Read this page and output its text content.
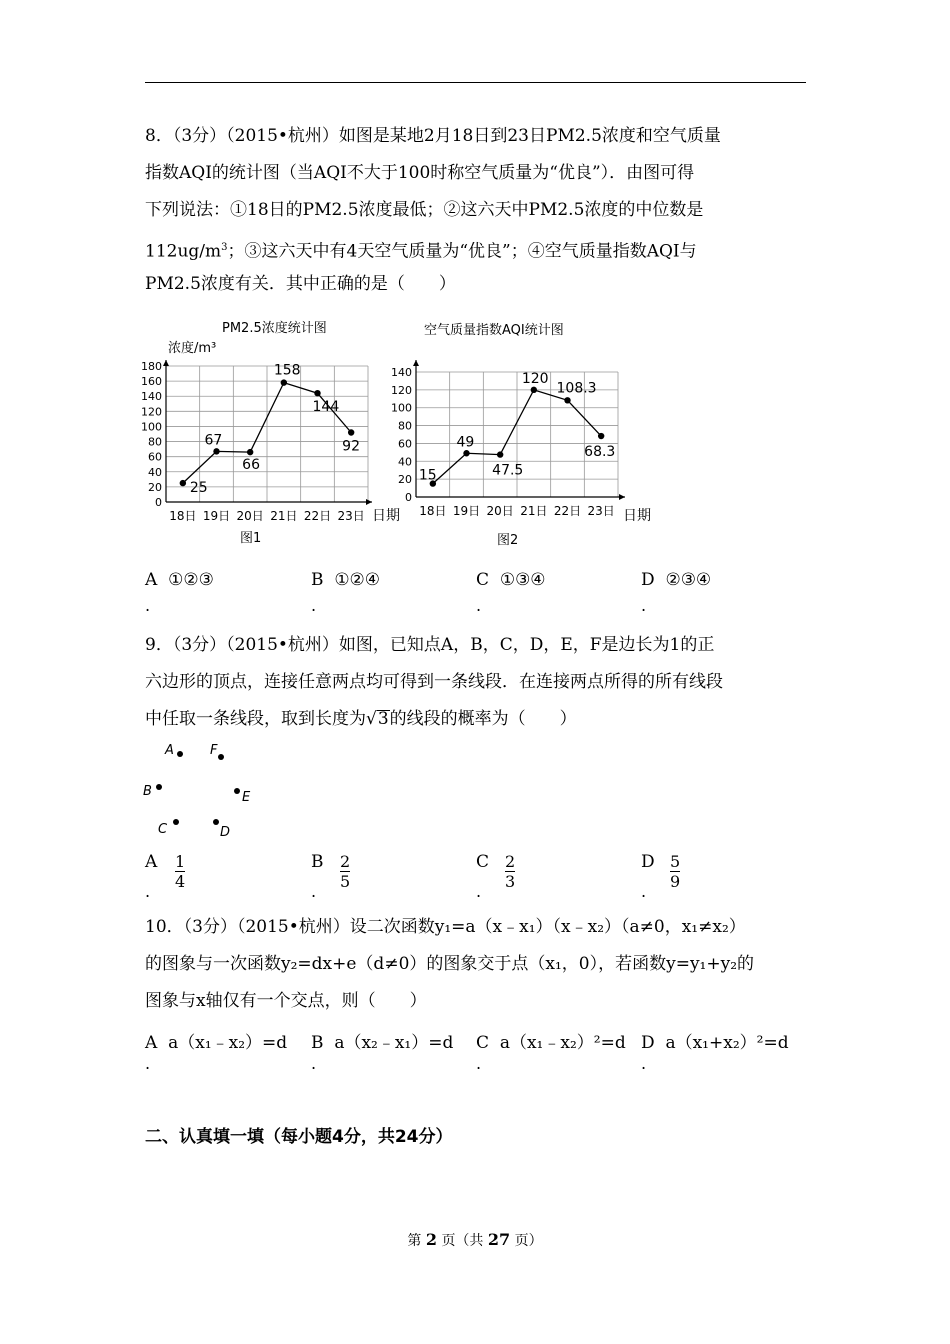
8．（3分）（2015•杭州）如图是某地2月18日到23日PM2.5浓度和空气质量
指数AQI的统计图（当AQI不大于100时称空气质量为“优良”）．由图可得
下列说法：①18日的PM2.5浓度最低；②这六天中PM2.5浓度的中位数是
$112ug/m^3$；③这六天中有4天空气质量为“优良”；④空气质量指数AQI与
PM2.5浓度有关．其中正确的是（　　）
PM2.5浓度统计图
浓度/m³
日期
图1
0
20
40
60
80
100
120
140
160
180
18日 19日 20日 21日 22日 23日
25
67
66
158
144
92
空气质量指数AQI统计图
日期
图2
0
20
40
60
80
100
120
140
18日 19日 20日 21日 22日 23日
15
49
47.5
120
108.3
68.3
A ①②③
.
B ①②④
.
C ①③④
.
D ②③④
.
9．（3分）（2015•杭州）如图，已知点A，B，C，D，E，F是边长为1的正
六边形的顶点，连接任意两点均可得到一条线段．在连接两点所得的所有线段
中任取一条线段，取到长度为√3的线段的概率为（　　）
A	F
B	E
C	D
A
.
1
4
B
.
2
5
C
.
2
3
D
.
5
9
10．（3分）（2015•杭州）设二次函数y₁=a（x﹣x₁）（x﹣x₂）（a≠0，x₁≠x₂）
的图象与一次函数y₂=dx+e（d≠0）的图象交于点（x₁，0），若函数y=y₁+y₂的
图象与x轴仅有一个交点，则（　　）
A a（x₁﹣x₂）=d
.
B a（x₂﹣x₁）=d
.
C a（x₁﹣x₂）²=d
.
D a（x₁+x₂）²=d
.
二、认真填一填（每小题4分，共24分）
第 2 页（共 27 页）
